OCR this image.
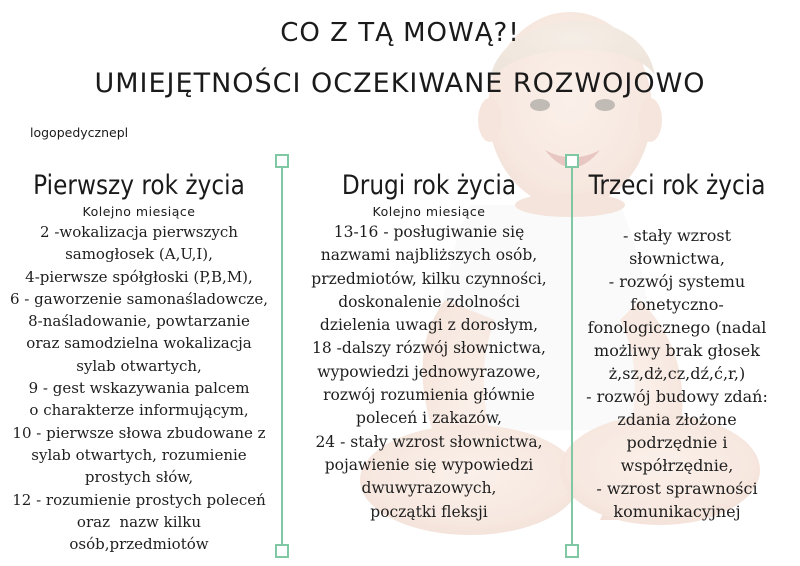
CO Z TĄ MOWĄ?!
UMIEJĘTNOŚCI OCZEKIWANE ROZWOJOWO
logopedycznepl
Pierwszy rok życia
Kolejno miesiące
2 -wokalizacja pierwszych
samogłosek (A,U,I),
4-pierwsze spółgłoski (P,B,M),
6 - gaworzenie samonaśladowcze,
8-naśladowanie, powtarzanie
oraz samodzielna wokalizacja
sylab otwartych,
9 - gest wskazywania palcem
o charakterze informującym,
10 - pierwsze słowa zbudowane z
sylab otwartych, rozumienie
prostych słów,
12 - rozumienie prostych poleceń
oraz  nazw kilku
osób,przedmiotów
Drugi rok życia
Kolejno miesiące
13-16 - posługiwanie się
nazwami najbliższych osób,
przedmiotów, kilku czynności,
doskonalenie zdolności
dzielenia uwagi z dorosłym,
18 -dalszy rózwój słownictwa,
wypowiedzi jednowyrazowe,
rozwój rozumienia głównie
poleceń i zakazów,
24 - stały wzrost słownictwa,
pojawienie się wypowiedzi
dwuwyrazowych,
początki fleksji
Trzeci rok życia
- stały wzrost
słownictwa,
- rozwój systemu
fonetyczno-
fonologicznego (nadal
możliwy brak głosek
ż,sz,dż,cz,dź,ć,r,)
- rozwój budowy zdań:
zdania złożone
podrzędnie i
współrzędnie,
- wzrost sprawności
komunikacyjnej
